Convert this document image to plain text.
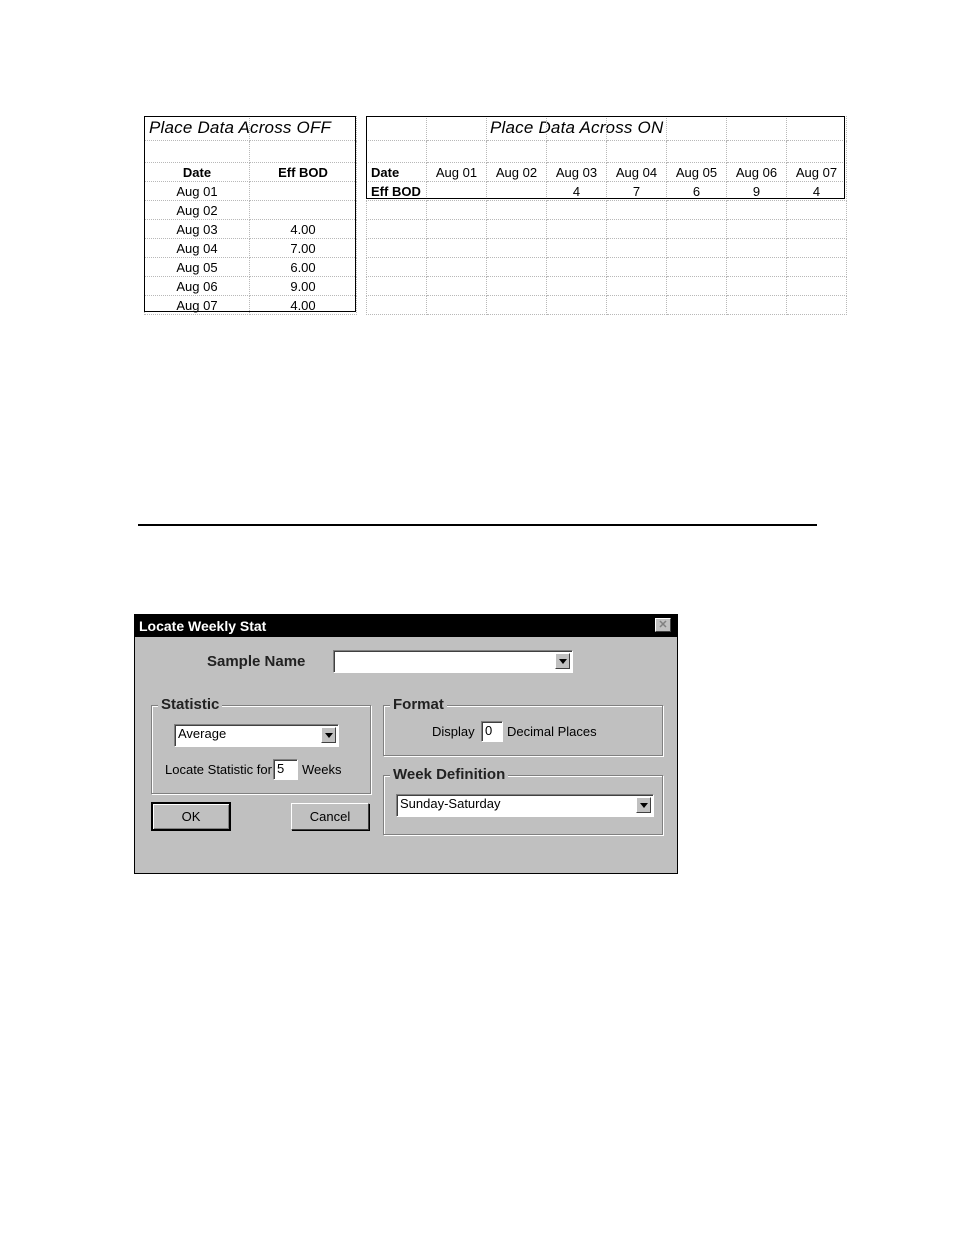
Place Data Across OFF

Date	Eff BOD
Aug 01	
Aug 02	
Aug 03	4.00
Aug 04	7.00
Aug 05	6.00
Aug 06	9.00
Aug 07	4.00
Place Data Across ON

Date	Aug 01	Aug 02	Aug 03	Aug 04	Aug 05	Aug 06	Aug 07
Eff BOD			4	7	6	9	4

Locate Weekly Stat	✕
Sample Name
Statistic
Average
Locate Statistic for 5	Weeks
Format
Display 0	Decimal Places
Week Definition
Sunday-Saturday
OK	Cancel
